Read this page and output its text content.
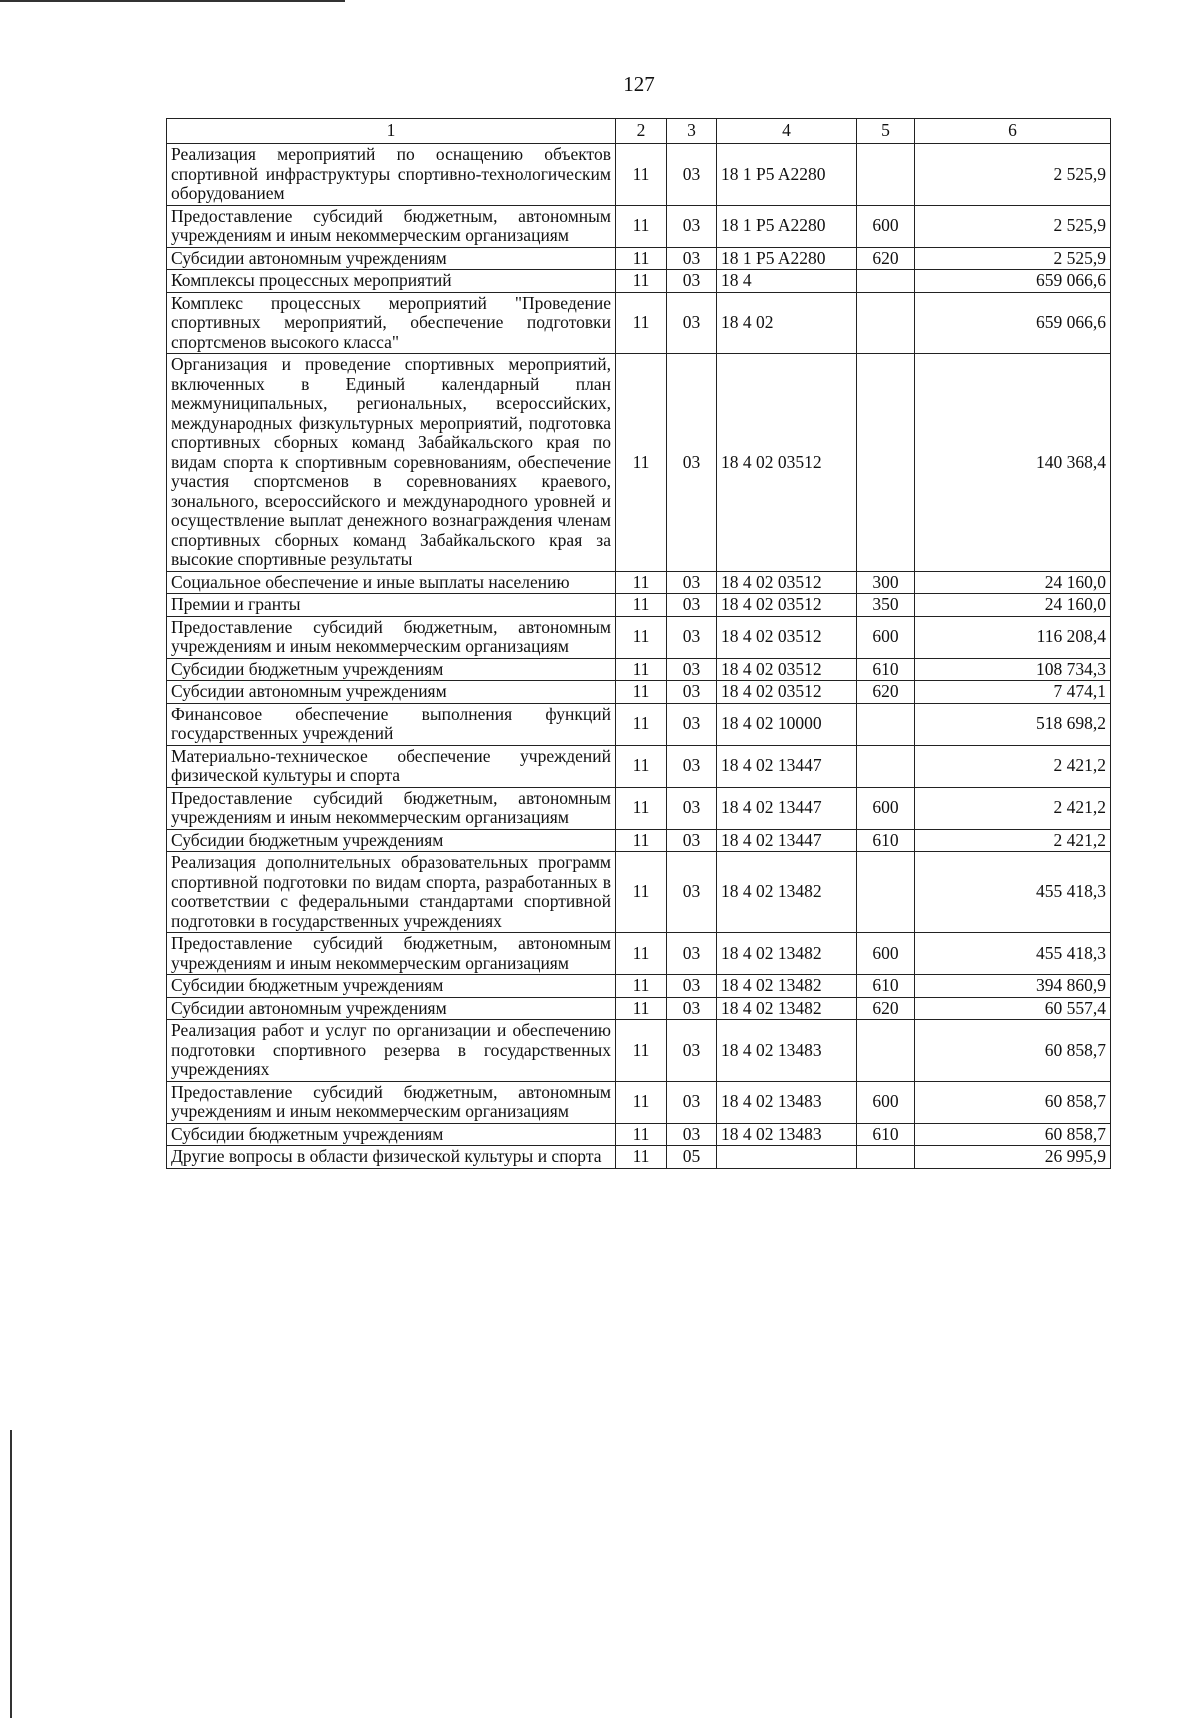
127
1	2	3	4	5	6
Реализация мероприятий по оснащению объектов спортивной инфраструктуры спортивно-технологическим оборудованием	11	03	18 1 P5 A2280		2 525,9
Предоставление субсидий бюджетным, автономным учреждениям и иным некоммерческим организациям	11	03	18 1 P5 A2280	600	2 525,9
Субсидии автономным учреждениям	11	03	18 1 P5 A2280	620	2 525,9
Комплексы процессных мероприятий	11	03	18 4		659 066,6
Комплекс процессных мероприятий "Проведение спортивных мероприятий, обеспечение подготовки спортсменов высокого класса"	11	03	18 4 02		659 066,6
Организация и проведение спортивных мероприятий, включенных в Единый календарный план межмуниципальных, региональных, всероссийских, международных физкультурных мероприятий, подготовка спортивных сборных команд Забайкальского края по видам спорта к спортивным соревнованиям, обеспечение участия спортсменов в соревнованиях краевого, зонального, всероссийского и международного уровней и осуществление выплат денежного вознаграждения членам спортивных сборных команд Забайкальского края за высокие спортивные результаты	11	03	18 4 02 03512		140 368,4
Социальное обеспечение и иные выплаты населению	11	03	18 4 02 03512	300	24 160,0
Премии и гранты	11	03	18 4 02 03512	350	24 160,0
Предоставление субсидий бюджетным, автономным учреждениям и иным некоммерческим организациям	11	03	18 4 02 03512	600	116 208,4
Субсидии бюджетным учреждениям	11	03	18 4 02 03512	610	108 734,3
Субсидии автономным учреждениям	11	03	18 4 02 03512	620	7 474,1
Финансовое обеспечение выполнения функций государственных учреждений	11	03	18 4 02 10000		518 698,2
Материально-техническое обеспечение учреждений физической культуры и спорта	11	03	18 4 02 13447		2 421,2
Предоставление субсидий бюджетным, автономным учреждениям и иным некоммерческим организациям	11	03	18 4 02 13447	600	2 421,2
Субсидии бюджетным учреждениям	11	03	18 4 02 13447	610	2 421,2
Реализация дополнительных образовательных программ спортивной подготовки по видам спорта, разработанных в соответствии с федеральными стандартами спортивной подготовки в государственных учреждениях	11	03	18 4 02 13482		455 418,3
Предоставление субсидий бюджетным, автономным учреждениям и иным некоммерческим организациям	11	03	18 4 02 13482	600	455 418,3
Субсидии бюджетным учреждениям	11	03	18 4 02 13482	610	394 860,9
Субсидии автономным учреждениям	11	03	18 4 02 13482	620	60 557,4
Реализация работ и услуг по организации и обеспечению подготовки спортивного резерва в государственных учреждениях	11	03	18 4 02 13483		60 858,7
Предоставление субсидий бюджетным, автономным учреждениям и иным некоммерческим организациям	11	03	18 4 02 13483	600	60 858,7
Субсидии бюджетным учреждениям	11	03	18 4 02 13483	610	60 858,7
Другие вопросы в области физической культуры и спорта	11	05			26 995,9
